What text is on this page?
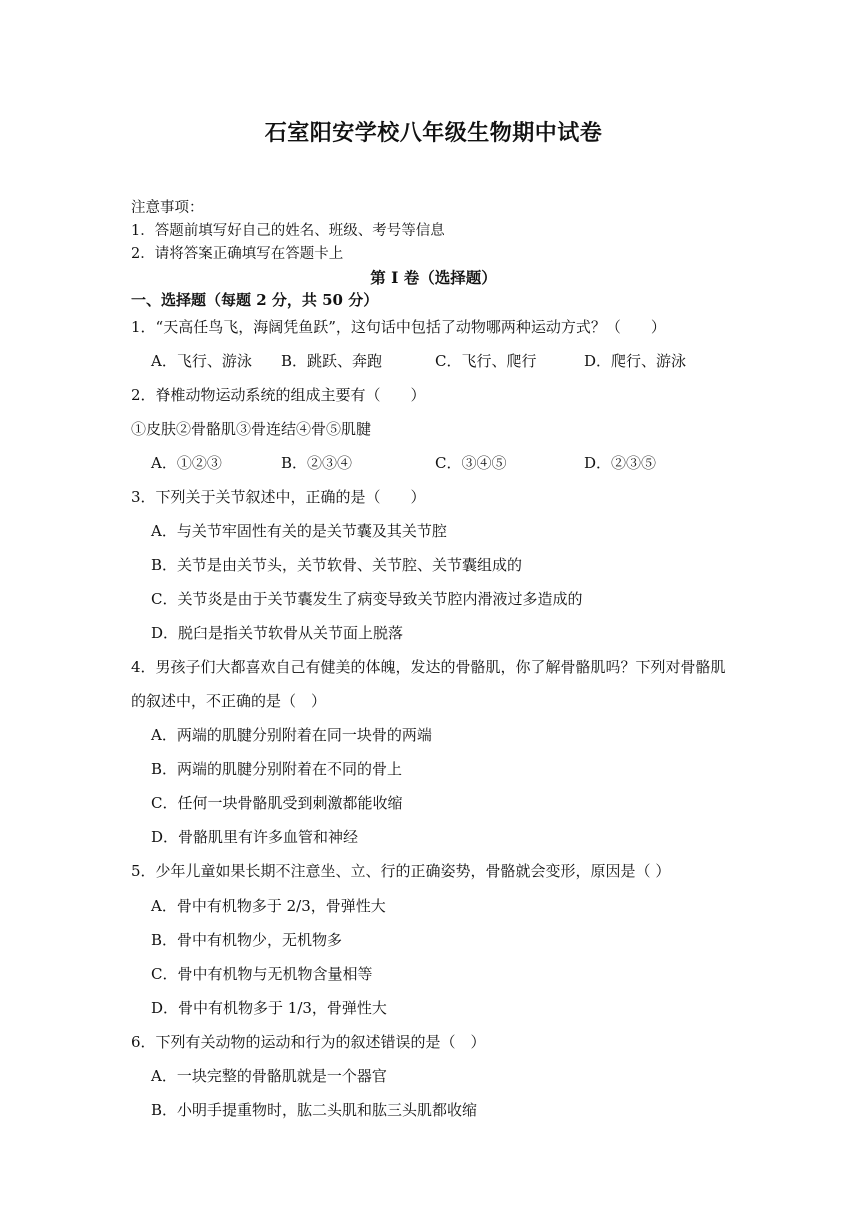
石室阳安学校八年级生物期中试卷
注意事项：
1．答题前填写好自己的姓名、班级、考号等信息
2．请将答案正确填写在答题卡上
第 I 卷（选择题）
一、选择题（每题 2 分，共 50 分）
1．“天高任鸟飞，海阔凭鱼跃”，这句话中包括了动物哪两种运动方式？（　　）
A．飞行、游泳 B．跳跃、奔跑	C．飞行、爬行	D．爬行、游泳
2．脊椎动物运动系统的组成主要有（　　）
①皮肤②骨骼肌③骨连结④骨⑤肌腱
A．①②③	B．②③④	C．③④⑤	D．②③⑤
3．下列关于关节叙述中，正确的是（　　）
A．与关节牢固性有关的是关节囊及其关节腔
B．关节是由关节头，关节软骨、关节腔、关节囊组成的
C．关节炎是由于关节囊发生了病变导致关节腔内滑液过多造成的
D．脱臼是指关节软骨从关节面上脱落
4．男孩子们大都喜欢自己有健美的体魄，发达的骨骼肌，你了解骨骼肌吗？下列对骨骼肌
的叙述中，不正确的是（　）
A．两端的肌腱分别附着在同一块骨的两端
B．两端的肌腱分别附着在不同的骨上
C．任何一块骨骼肌受到刺激都能收缩
D．骨骼肌里有许多血管和神经
5．少年儿童如果长期不注意坐、立、行的正确姿势，骨骼就会变形，原因是（ ）
A．骨中有机物多于 2/3，骨弹性大
B．骨中有机物少，无机物多
C．骨中有机物与无机物含量相等
D．骨中有机物多于 1/3，骨弹性大
6．下列有关动物的运动和行为的叙述错误的是（　）
A．一块完整的骨骼肌就是一个器官
B．小明手提重物时，肱二头肌和肱三头肌都收缩
